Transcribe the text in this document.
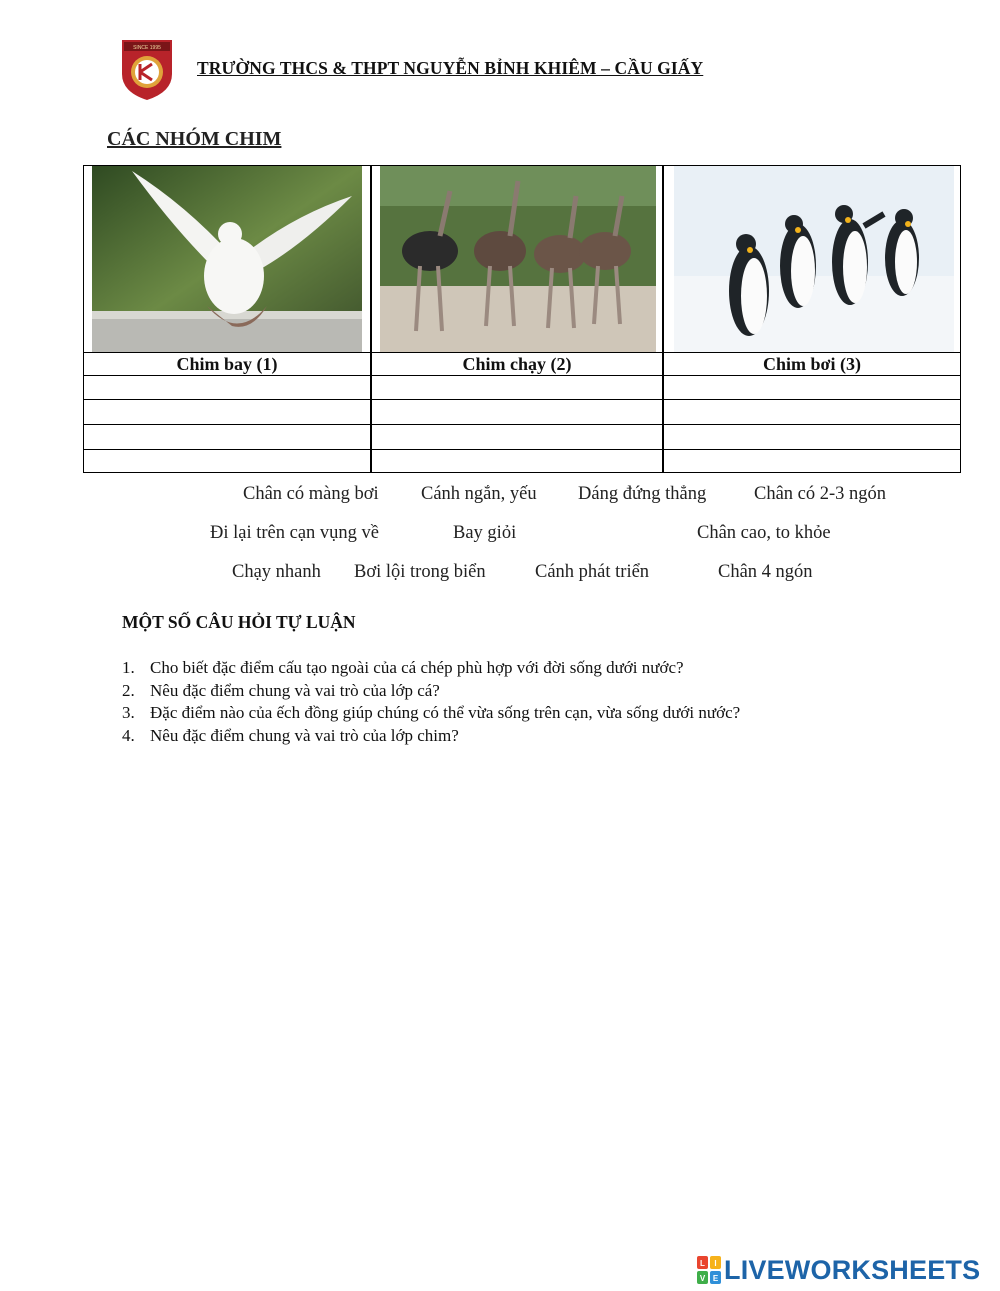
SINCE 1995
TRƯỜNG THCS & THPT NGUYỄN BỈNH KHIÊM – CẦU GIẤY
CÁC NHÓM CHIM
Chim bay (1)	Chim chạy (2)	Chim bơi (3)
Chân có màng bơi Cánh ngắn, yếu Dáng đứng thẳng	Chân có 2-3 ngón
Đi lại trên cạn vụng về	Bay giỏi	Chân cao, to khỏe
Chạy nhanh Bơi lội trong biển	Cánh phát triển	Chân 4 ngón
MỘT SỐ CÂU HỎI TỰ LUẬN
1. Cho biết đặc điểm cấu tạo ngoài của cá chép phù hợp với đời sống dưới nước?
2. Nêu đặc điểm chung và vai trò của lớp cá?
3. Đặc điểm nào của ếch đồng giúp chúng có thể vừa sống trên cạn, vừa sống dưới nước?
4. Nêu đặc điểm chung và vai trò của lớp chim?
L I
V E LIVEWORKSHEETS
